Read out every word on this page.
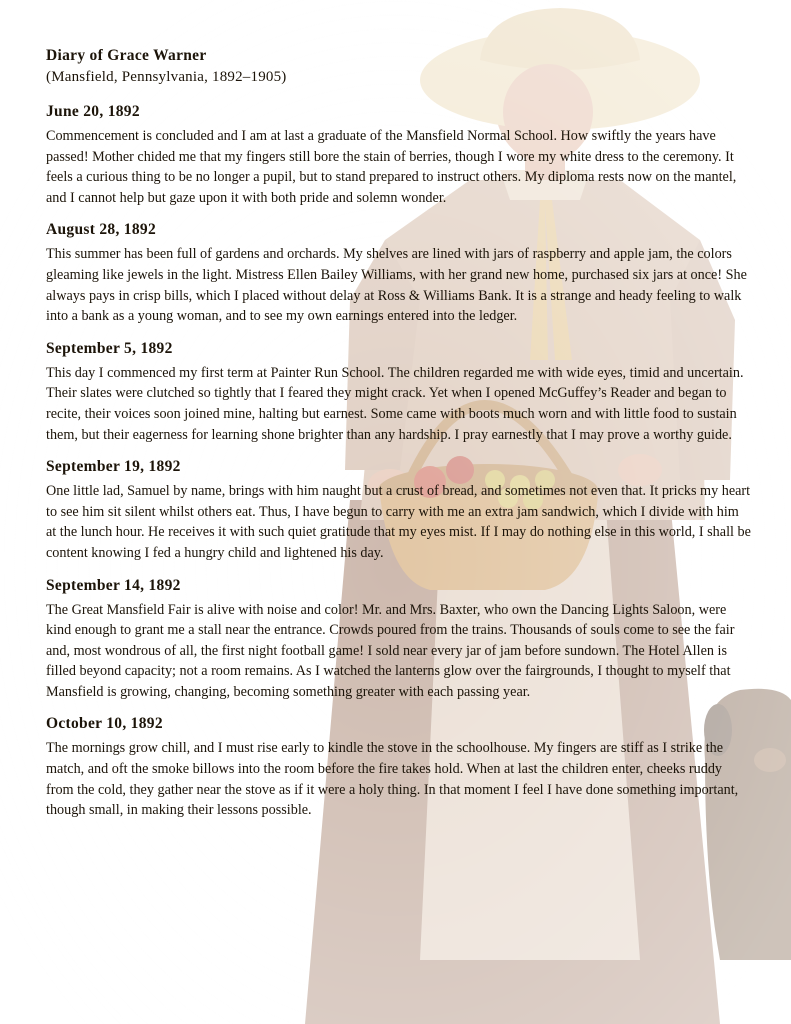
Diary of Grace Warner

(Mansfield, Pennsylvania, 1892–1905)

June 20, 1892

Commencement is concluded and I am at last a graduate of the Mansfield Normal School. How swiftly the years have passed! Mother chided me that my fingers still bore the stain of berries, though I wore my white dress to the ceremony. It feels a curious thing to be no longer a pupil, but to stand prepared to instruct others. My diploma rests now on the mantel, and I cannot help but gaze upon it with both pride and solemn wonder.

August 28, 1892

This summer has been full of gardens and orchards. My shelves are lined with jars of raspberry and apple jam, the colors gleaming like jewels in the light. Mistress Ellen Bailey Williams, with her grand new home, purchased six jars at once! She always pays in crisp bills, which I placed without delay at Ross & Williams Bank. It is a strange and heady feeling to walk into a bank as a young woman, and to see my own earnings entered into the ledger.

September 5, 1892

This day I commenced my first term at Painter Run School. The children regarded me with wide eyes, timid and uncertain. Their slates were clutched so tightly that I feared they might crack. Yet when I opened McGuffey’s Reader and began to recite, their voices soon joined mine, halting but earnest. Some came with boots much worn and with little food to sustain them, but their eagerness for learning shone brighter than any hardship. I pray earnestly that I may prove a worthy guide.

September 19, 1892

One little lad, Samuel by name, brings with him naught but a crust of bread, and sometimes not even that. It pricks my heart to see him sit silent whilst others eat. Thus, I have begun to carry with me an extra jam sandwich, which I divide with him at the lunch hour. He receives it with such quiet gratitude that my eyes mist. If I may do nothing else in this world, I shall be content knowing I fed a hungry child and lightened his day.

September 14, 1892

The Great Mansfield Fair is alive with noise and color! Mr. and Mrs. Baxter, who own the Dancing Lights Saloon, were kind enough to grant me a stall near the entrance. Crowds poured from the trains. Thousands of souls come to see the fair and, most wondrous of all, the first night football game! I sold near every jar of jam before sundown. The Hotel Allen is filled beyond capacity; not a room remains. As I watched the lanterns glow over the fairgrounds, I thought to myself that Mansfield is growing, changing, becoming something greater with each passing year.

October 10, 1892

The mornings grow chill, and I must rise early to kindle the stove in the schoolhouse. My fingers are stiff as I strike the match, and oft the smoke billows into the room before the fire takes hold. When at last the children enter, cheeks ruddy from the cold, they gather near the stove as if it were a holy thing. In that moment I feel I have done something important, though small, in making their lessons possible.
